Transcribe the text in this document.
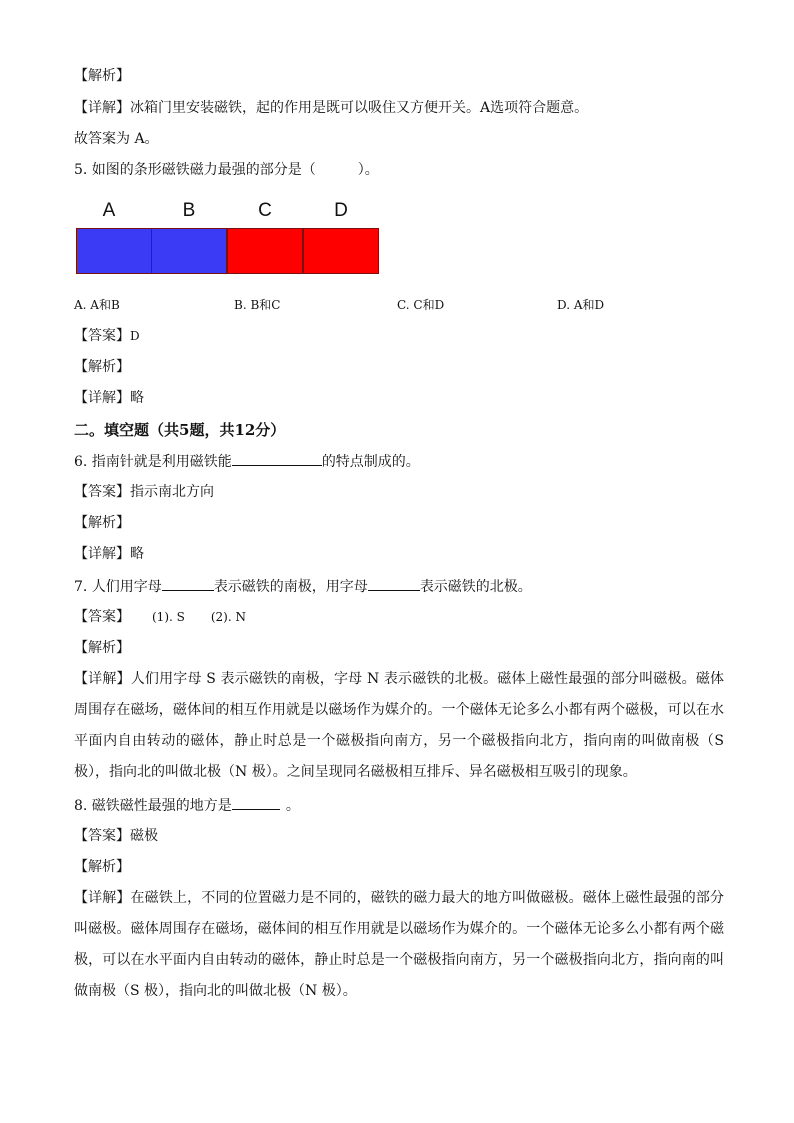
【解析】
【详解】冰箱门里安装磁铁，起的作用是既可以吸住又方便开关。A选项符合题意。
故答案为 A。
5. 如图的条形磁铁磁力最强的部分是（　　　）。
A	B	C	D
A. A和B	B. B和C	C. C和D	D. A和D
【答案】D
【解析】
【详解】略
二。填空题（共5题，共12分）
6. 指南针就是利用磁铁能	的特点制成的。
【答案】指示南北方向
【解析】
【详解】略
7. 人们用字母	表示磁铁的南极，用字母	表示磁铁的北极。
【答案】 (1). S (2). N
【解析】
【详解】人们用字母 S 表示磁铁的南极，字母 N 表示磁铁的北极。磁体上磁性最强的部分叫磁极。磁体周围存在磁场，磁体间的相互作用就是以磁场作为媒介的。一个磁体无论多么小都有两个磁极，可以在水平面内自由转动的磁体，静止时总是一个磁极指向南方，另一个磁极指向北方，指向南的叫做南极（S 极），指向北的叫做北极（N 极）。之间呈现同名磁极相互排斥、异名磁极相互吸引的现象。
8. 磁铁磁性最强的地方是	。
【答案】磁极
【解析】
【详解】在磁铁上，不同的位置磁力是不同的，磁铁的磁力最大的地方叫做磁极。磁体上磁性最强的部分叫磁极。磁体周围存在磁场，磁体间的相互作用就是以磁场作为媒介的。一个磁体无论多么小都有两个磁极，可以在水平面内自由转动的磁体，静止时总是一个磁极指向南方，另一个磁极指向北方，指向南的叫做南极（S 极），指向北的叫做北极（N 极）。
